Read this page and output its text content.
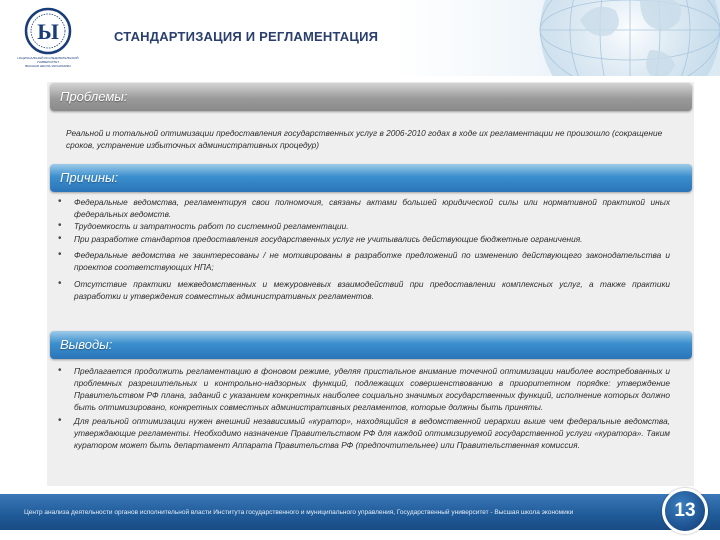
Ы
НАЦИОНАЛЬНЫЙ ИССЛЕДОВАТЕЛЬСКИЙ УНИВЕРСИТЕТ
ВЫСШАЯ ШКОЛА ЭКОНОМИКИ
СТАНДАРТИЗАЦИЯ И РЕГЛАМЕНТАЦИЯ
Проблемы:
Реальной и тотальной оптимизации предоставления государственных услуг в 2006-2010 годах в ходе их регламентации не произошло (сокращение сроков, устранение избыточных административных процедур)
Причины:
• Федеральные ведомства, регламентируя свои полномочия, связаны актами большей юридической силы или нормативной практикой иных федеральных ведомств.
• Трудоемкость и затратность работ по системной регламентации.
• При разработке стандартов предоставления государственных услуг не учитывались действующие бюджетные ограничения.
• Федеральные ведомства не заинтересованы / не мотивированы в разработке предложений по изменению действующего законодательства и проектов соответствующих НПА;
• Отсутствие практики межведомственных и межуровневых взаимодействий при предоставлении комплексных услуг, а также практики разработки и утверждения совместных административных регламентов.
Выводы:
• Предлагается продолжить регламентацию в фоновом режиме, уделяя пристальное внимание точечной оптимизации наиболее востребованных и проблемных разрешительных и контрольно-надзорных функций, подлежащих совершенствованию в приоритетном порядке: утверждение Правительством РФ плана, заданий с указанием конкретных наиболее социально значимых государственных функций, исполнение которых должно быть оптимизировано, конкретных совместных административных регламентов, которые должны быть приняты.
• Для реальной оптимизации нужен внешний независимый «куратор», находящийся в ведомственной иерархии выше чем федеральные ведомства, утверждающие регламенты. Необходимо назначение Правительством РФ для каждой оптимизируемой государственной услуги «куратора». Таким куратором может быть департамент Аппарата Правительства РФ (предпочтительнее) или Правительственная комиссия.
Центр анализа деятельности органов исполнительной власти Института государственного и муниципального управления, Государственный университет - Высшая школа экономики	13
